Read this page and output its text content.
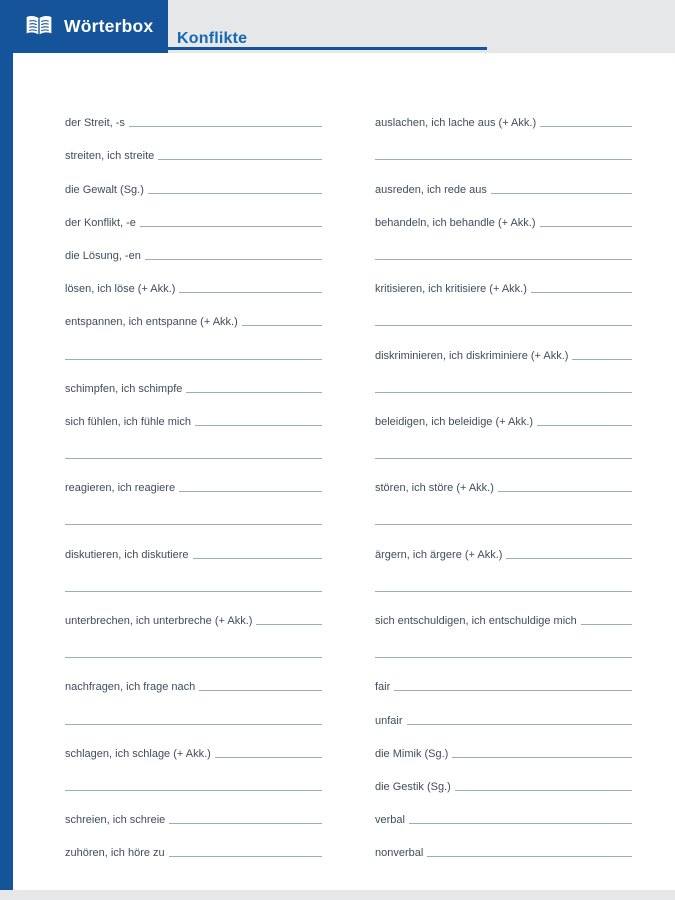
Wörterbox
Konflikte
der Streit, -s
streiten, ich streite
die Gewalt (Sg.)
der Konflikt, -e
die Lösung, -en
lösen, ich löse (+ Akk.)
entspannen, ich entspanne (+ Akk.)
schimpfen, ich schimpfe
sich fühlen, ich fühle mich
reagieren, ich reagiere
diskutieren, ich diskutiere
unterbrechen, ich unterbreche (+ Akk.)
nachfragen, ich frage nach
schlagen, ich schlage (+ Akk.)
schreien, ich schreie
zuhören, ich höre zu
auslachen, ich lache aus (+ Akk.)
ausreden, ich rede aus
behandeln, ich behandle (+ Akk.)
kritisieren, ich kritisiere (+ Akk.)
diskriminieren, ich diskriminiere (+ Akk.)
beleidigen, ich beleidige (+ Akk.)
stören, ich störe (+ Akk.)
ärgern, ich ärgere (+ Akk.)
sich entschuldigen, ich entschuldige mich
fair
unfair
die Mimik (Sg.)
die Gestik (Sg.)
verbal
nonverbal
